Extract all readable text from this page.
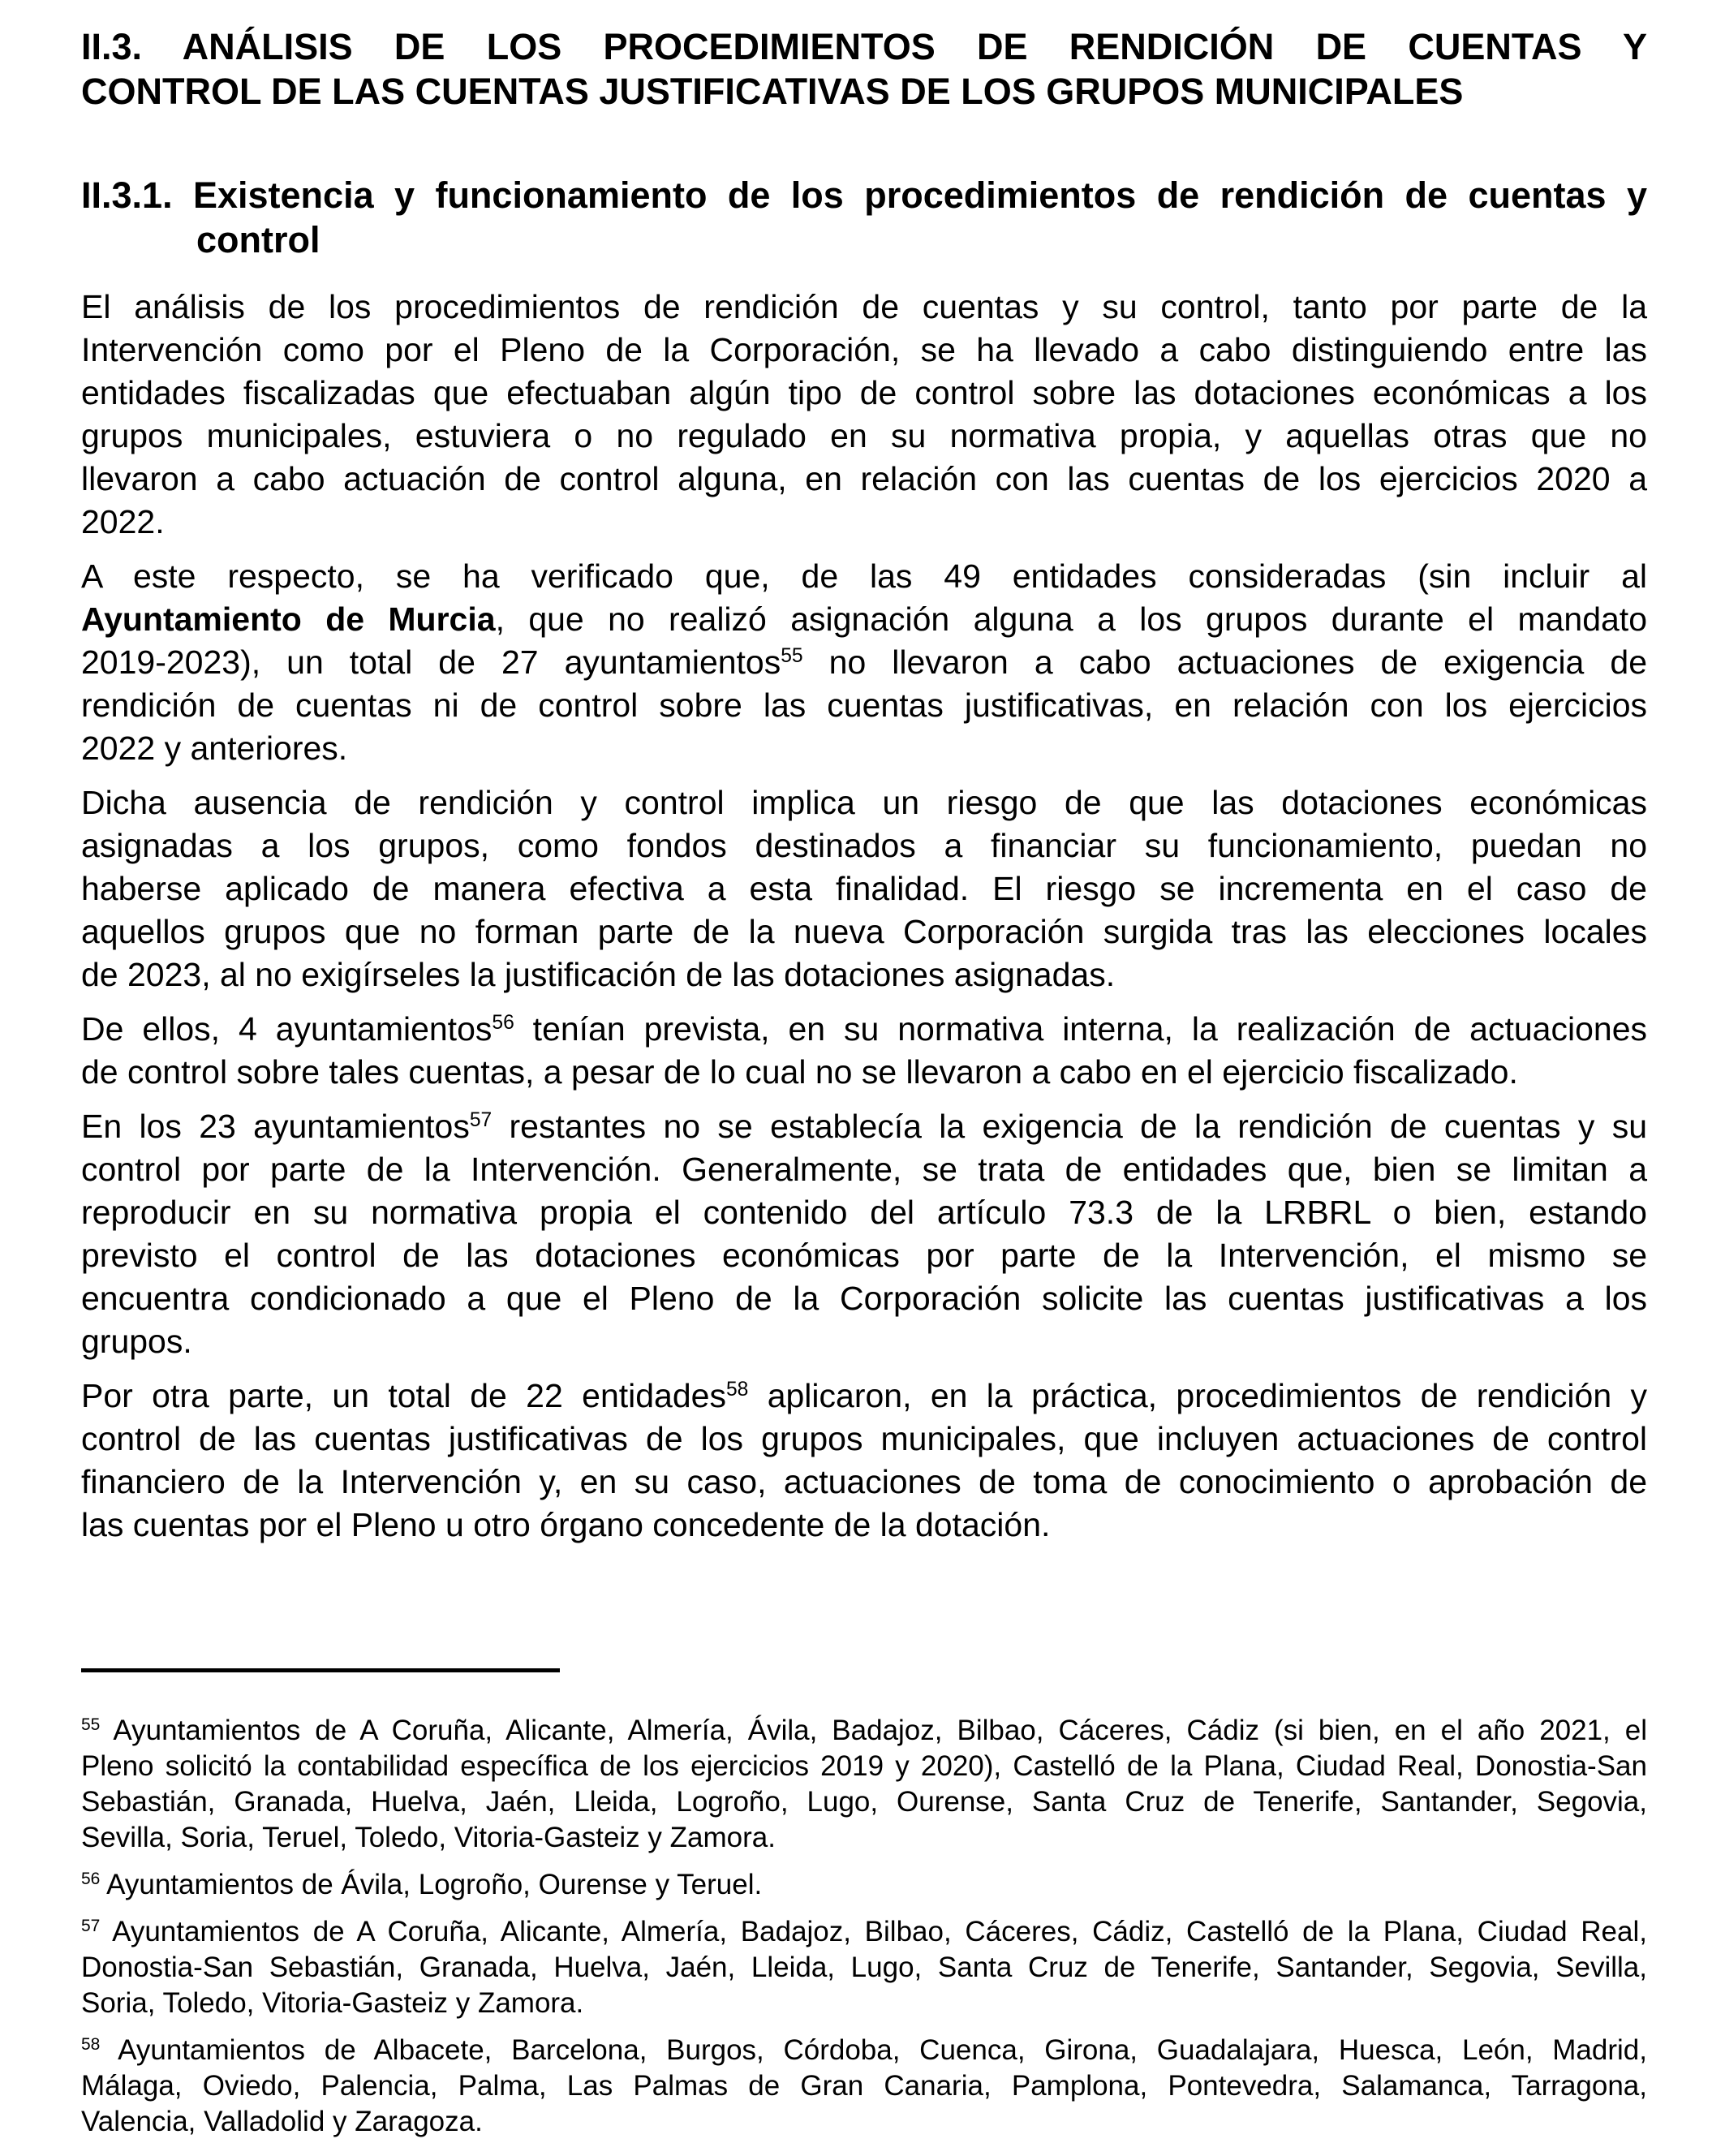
II.3. ANÁLISIS DE LOS PROCEDIMIENTOS DE RENDICIÓN DE CUENTAS Y
CONTROL DE LAS CUENTAS JUSTIFICATIVAS DE LOS GRUPOS MUNICIPALES
II.3.1. Existencia y funcionamiento de los procedimientos de rendición de cuentas y
control
El análisis de los procedimientos de rendición de cuentas y su control, tanto por parte de la
Intervención como por el Pleno de la Corporación, se ha llevado a cabo distinguiendo entre las
entidades fiscalizadas que efectuaban algún tipo de control sobre las dotaciones económicas a los
grupos municipales, estuviera o no regulado en su normativa propia, y aquellas otras que no
llevaron a cabo actuación de control alguna, en relación con las cuentas de los ejercicios 2020 a
2022.
A este respecto, se ha verificado que, de las 49 entidades consideradas (sin incluir al
Ayuntamiento de Murcia, que no realizó asignación alguna a los grupos durante el mandato
2019-2023), un total de 27 ayuntamientos$^{55}$ no llevaron a cabo actuaciones de exigencia de
rendición de cuentas ni de control sobre las cuentas justificativas, en relación con los ejercicios
2022 y anteriores.
Dicha ausencia de rendición y control implica un riesgo de que las dotaciones económicas
asignadas a los grupos, como fondos destinados a financiar su funcionamiento, puedan no
haberse aplicado de manera efectiva a esta finalidad. El riesgo se incrementa en el caso de
aquellos grupos que no forman parte de la nueva Corporación surgida tras las elecciones locales
de 2023, al no exigírseles la justificación de las dotaciones asignadas.
De ellos, 4 ayuntamientos$^{56}$ tenían prevista, en su normativa interna, la realización de actuaciones
de control sobre tales cuentas, a pesar de lo cual no se llevaron a cabo en el ejercicio fiscalizado.
En los 23 ayuntamientos$^{57}$ restantes no se establecía la exigencia de la rendición de cuentas y su
control por parte de la Intervención. Generalmente, se trata de entidades que, bien se limitan a
reproducir en su normativa propia el contenido del artículo 73.3 de la LRBRL o bien, estando
previsto el control de las dotaciones económicas por parte de la Intervención, el mismo se
encuentra condicionado a que el Pleno de la Corporación solicite las cuentas justificativas a los
grupos.
Por otra parte, un total de 22 entidades$^{58}$ aplicaron, en la práctica, procedimientos de rendición y
control de las cuentas justificativas de los grupos municipales, que incluyen actuaciones de control
financiero de la Intervención y, en su caso, actuaciones de toma de conocimiento o aprobación de
las cuentas por el Pleno u otro órgano concedente de la dotación.
$^{55}$ Ayuntamientos de A Coruña, Alicante, Almería, Ávila, Badajoz, Bilbao, Cáceres, Cádiz (si bien, en el año 2021, el
Pleno solicitó la contabilidad específica de los ejercicios 2019 y 2020), Castelló de la Plana, Ciudad Real, Donostia-San
Sebastián, Granada, Huelva, Jaén, Lleida, Logroño, Lugo, Ourense, Santa Cruz de Tenerife, Santander, Segovia,
Sevilla, Soria, Teruel, Toledo, Vitoria-Gasteiz y Zamora.
$^{56}$ Ayuntamientos de Ávila, Logroño, Ourense y Teruel.
$^{57}$ Ayuntamientos de A Coruña, Alicante, Almería, Badajoz, Bilbao, Cáceres, Cádiz, Castelló de la Plana, Ciudad Real,
Donostia-San Sebastián, Granada, Huelva, Jaén, Lleida, Lugo, Santa Cruz de Tenerife, Santander, Segovia, Sevilla,
Soria, Toledo, Vitoria-Gasteiz y Zamora.
$^{58}$ Ayuntamientos de Albacete, Barcelona, Burgos, Córdoba, Cuenca, Girona, Guadalajara, Huesca, León, Madrid,
Málaga, Oviedo, Palencia, Palma, Las Palmas de Gran Canaria, Pamplona, Pontevedra, Salamanca, Tarragona,
Valencia, Valladolid y Zaragoza.
